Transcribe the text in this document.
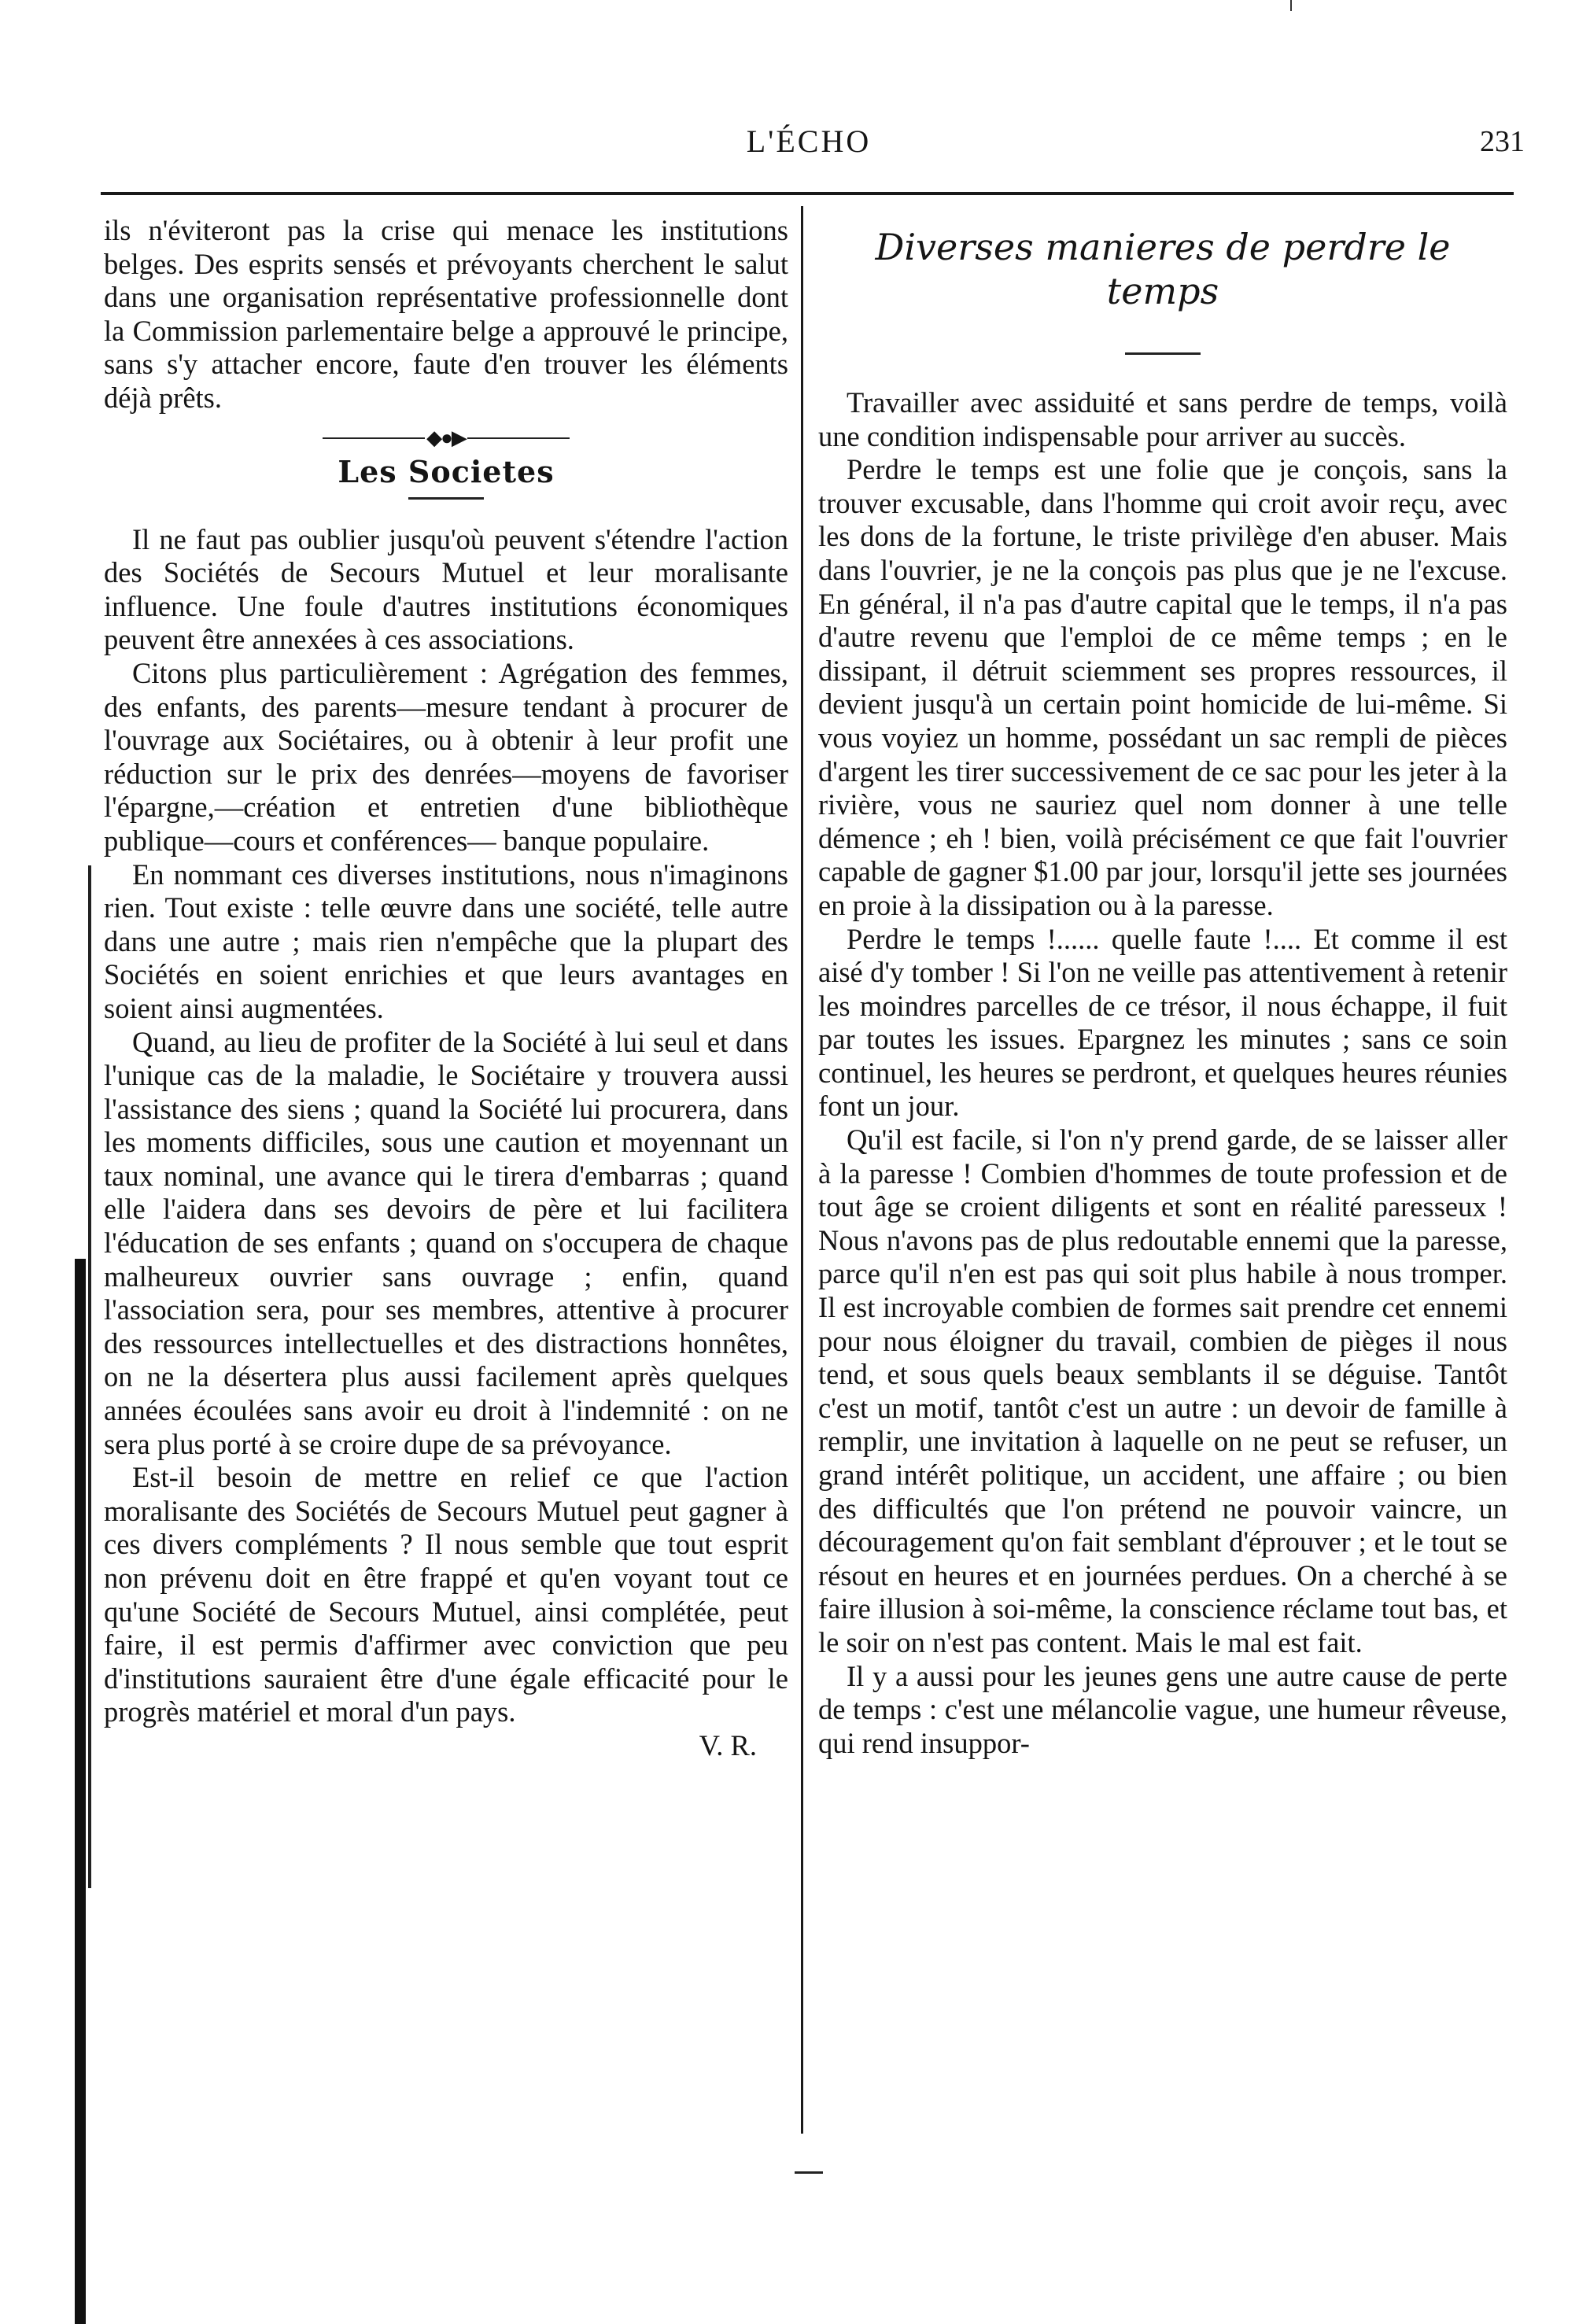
L'ÉCHO	231

ils n'éviteront pas la crise qui menace les institutions belges. Des esprits sensés et prévoyants cherchent le salut dans une organisation représentative professionnelle dont la Commission parlementaire belge a approuvé le principe, sans s'y attacher encore, faute d'en trouver les éléments déjà prêts.

◆●▶
Les Societes

Il ne faut pas oublier jusqu'où peuvent s'étendre l'action des Sociétés de Secours Mutuel et leur moralisante influence. Une foule d'autres institutions économiques peuvent être annexées à ces associations.

Citons plus particulièrement : Agrégation des femmes, des enfants, des parents—mesure tendant à procurer de l'ouvrage aux Sociétaires, ou à obtenir à leur profit une réduction sur le prix des denrées—moyens de favoriser l'épargne,—création et entretien d'une bibliothèque publique—cours et conférences— banque populaire.

En nommant ces diverses institutions, nous n'imaginons rien. Tout existe : telle œuvre dans une société, telle autre dans une autre ; mais rien n'empêche que la plupart des Sociétés en soient enrichies et que leurs avantages en soient ainsi augmentées.

Quand, au lieu de profiter de la Société à lui seul et dans l'unique cas de la maladie, le Sociétaire y trouvera aussi l'assistance des siens ; quand la Société lui procurera, dans les moments difficiles, sous une caution et moyennant un taux nominal, une avance qui le tirera d'embarras ; quand elle l'aidera dans ses devoirs de père et lui facilitera l'éducation de ses enfants ; quand on s'occupera de chaque malheureux ouvrier sans ouvrage ; enfin, quand l'association sera, pour ses membres, attentive à procurer des ressources intellectuelles et des distractions honnêtes, on ne la désertera plus aussi facilement après quelques années écoulées sans avoir eu droit à l'indemnité : on ne sera plus porté à se croire dupe de sa prévoyance.

Est-il besoin de mettre en relief ce que l'action moralisante des Sociétés de Secours Mutuel peut gagner à ces divers compléments ? Il nous semble que tout esprit non prévenu doit en être frappé et qu'en voyant tout ce qu'une Société de Secours Mutuel, ainsi complétée, peut faire, il est permis d'affirmer avec conviction que peu d'institutions sauraient être d'une égale efficacité pour le progrès matériel et moral d'un pays.

V. R.
Diverses manieres de perdre le temps

Travailler avec assiduité et sans perdre de temps, voilà une condition indispensable pour arriver au succès.

Perdre le temps est une folie que je conçois, sans la trouver excusable, dans l'homme qui croit avoir reçu, avec les dons de la fortune, le triste privilège d'en abuser. Mais dans l'ouvrier, je ne la conçois pas plus que je ne l'excuse. En général, il n'a pas d'autre capital que le temps, il n'a pas d'autre revenu que l'emploi de ce même temps ; en le dissipant, il détruit sciemment ses propres ressources, il devient jusqu'à un certain point homicide de lui-même. Si vous voyiez un homme, possédant un sac rempli de pièces d'argent les tirer successivement de ce sac pour les jeter à la rivière, vous ne sauriez quel nom donner à une telle démence ; eh ! bien, voilà précisément ce que fait l'ouvrier capable de gagner $1.00 par jour, lorsqu'il jette ses journées en proie à la dissipation ou à la paresse.

Perdre le temps !...... quelle faute !.... Et comme il est aisé d'y tomber ! Si l'on ne veille pas attentivement à retenir les moindres parcelles de ce trésor, il nous échappe, il fuit par toutes les issues. Epargnez les minutes ; sans ce soin continuel, les heures se perdront, et quelques heures réunies font un jour.

Qu'il est facile, si l'on n'y prend garde, de se laisser aller à la paresse ! Combien d'hommes de toute profession et de tout âge se croient diligents et sont en réalité paresseux ! Nous n'avons pas de plus redoutable ennemi que la paresse, parce qu'il n'en est pas qui soit plus habile à nous tromper. Il est incroyable combien de formes sait prendre cet ennemi pour nous éloigner du travail, combien de pièges il nous tend, et sous quels beaux semblants il se déguise. Tantôt c'est un motif, tantôt c'est un autre : un devoir de famille à remplir, une invitation à laquelle on ne peut se refuser, un grand intérêt politique, un accident, une affaire ; ou bien des difficultés que l'on prétend ne pouvoir vaincre, un découragement qu'on fait semblant d'éprouver ; et le tout se résout en heures et en journées perdues. On a cherché à se faire illusion à soi-même, la conscience réclame tout bas, et le soir on n'est pas content. Mais le mal est fait.

Il y a aussi pour les jeunes gens une autre cause de perte de temps : c'est une mélancolie vague, une humeur rêveuse, qui rend insuppor-
